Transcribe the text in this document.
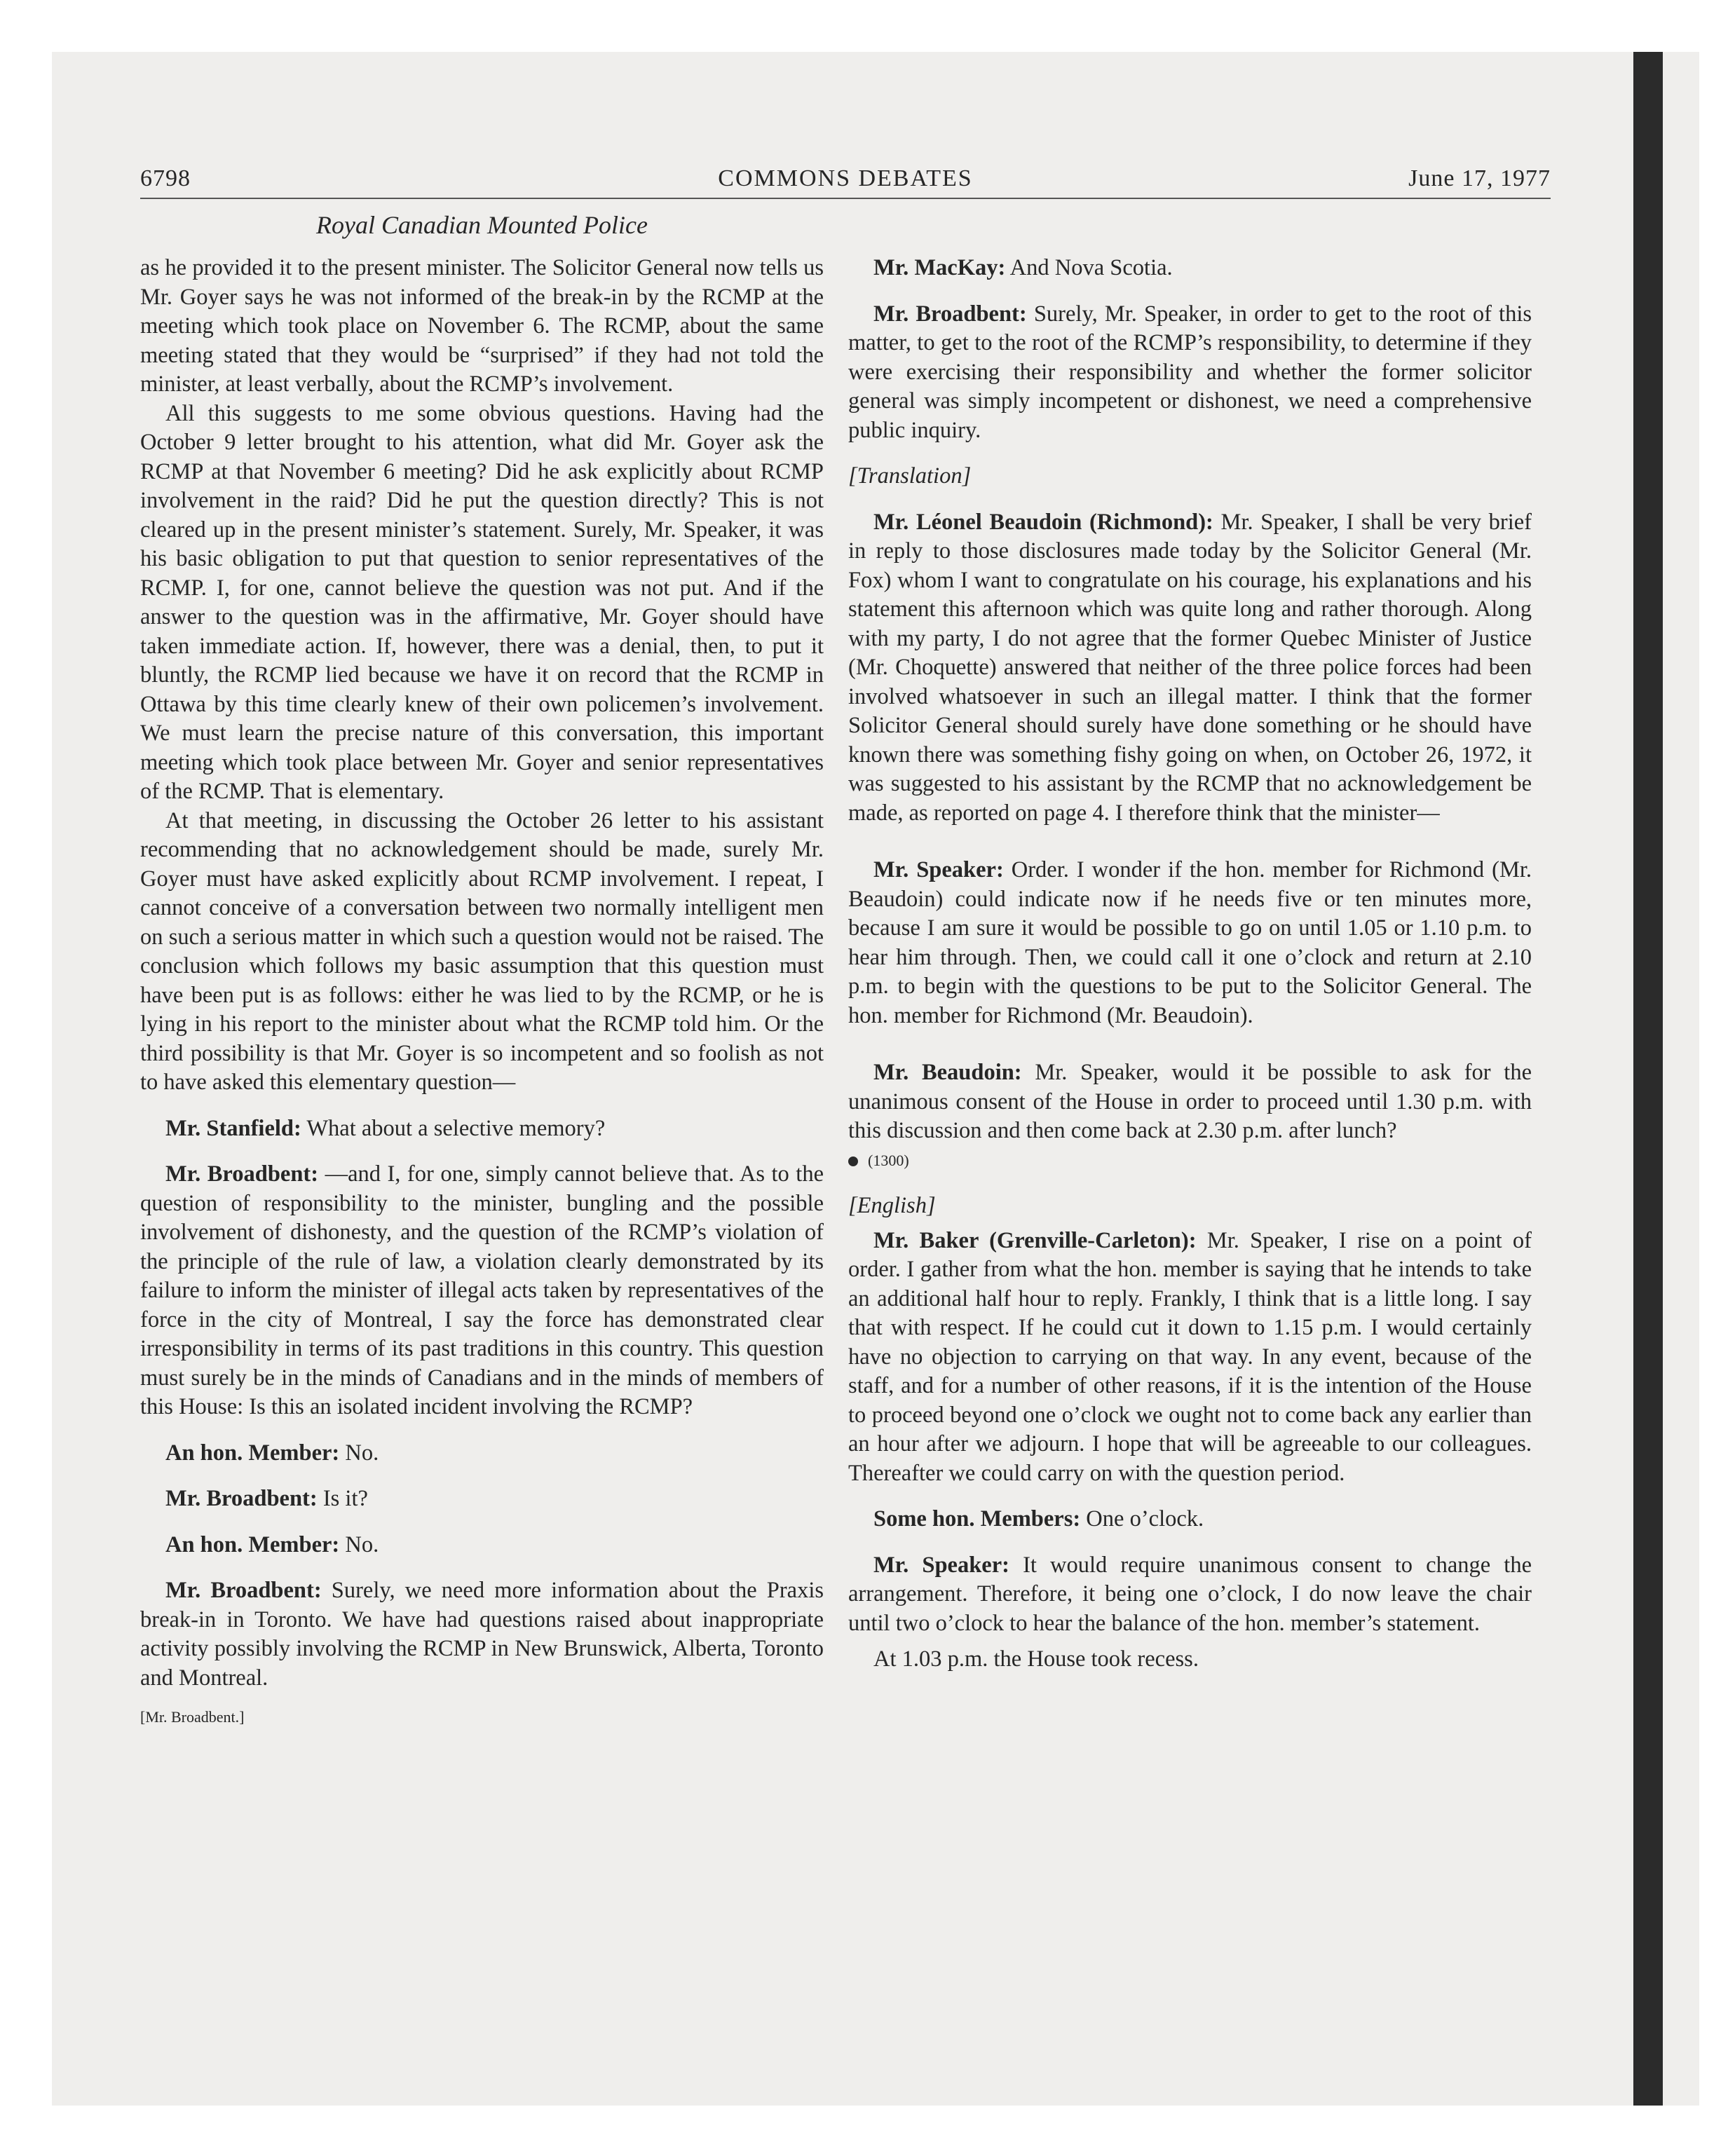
6798	COMMONS DEBATES	June 17, 1977
Royal Canadian Mounted Police

as he provided it to the present minister. The Solicitor General now tells us Mr. Goyer says he was not informed of the break-in by the RCMP at the meeting which took place on November 6. The RCMP, about the same meeting stated that they would be “surprised” if they had not told the minister, at least verbally, about the RCMP’s involvement.

All this suggests to me some obvious questions. Having had the October 9 letter brought to his attention, what did Mr. Goyer ask the RCMP at that November 6 meeting? Did he ask explicitly about RCMP involvement in the raid? Did he put the question directly? This is not cleared up in the present minister’s statement. Surely, Mr. Speaker, it was his basic obligation to put that question to senior representatives of the RCMP. I, for one, cannot believe the question was not put. And if the answer to the question was in the affirmative, Mr. Goyer should have taken immediate action. If, however, there was a denial, then, to put it bluntly, the RCMP lied because we have it on record that the RCMP in Ottawa by this time clearly knew of their own policemen’s involvement. We must learn the precise nature of this conversation, this important meeting which took place between Mr. Goyer and senior representatives of the RCMP. That is elementary.

At that meeting, in discussing the October 26 letter to his assistant recommending that no acknowledgement should be made, surely Mr. Goyer must have asked explicitly about RCMP involvement. I repeat, I cannot conceive of a conversation between two normally intelligent men on such a serious matter in which such a question would not be raised. The conclusion which follows my basic assumption that this question must have been put is as follows: either he was lied to by the RCMP, or he is lying in his report to the minister about what the RCMP told him. Or the third possibility is that Mr. Goyer is so incompetent and so foolish as not to have asked this elementary question—

Mr. Stanfield: What about a selective memory?

Mr. Broadbent: —and I, for one, simply cannot believe that. As to the question of responsibility to the minister, bungling and the possible involvement of dishonesty, and the question of the RCMP’s violation of the principle of the rule of law, a violation clearly demonstrated by its failure to inform the minister of illegal acts taken by representatives of the force in the city of Montreal, I say the force has demonstrated clear irresponsibility in terms of its past traditions in this country. This question must surely be in the minds of Canadians and in the minds of members of this House: Is this an isolated incident involving the RCMP?

An hon. Member: No.

Mr. Broadbent: Is it?

An hon. Member: No.

Mr. Broadbent: Surely, we need more information about the Praxis break-in in Toronto. We have had questions raised about inappropriate activity possibly involving the RCMP in New Brunswick, Alberta, Toronto and Montreal.

[Mr. Broadbent.]

Mr. MacKay: And Nova Scotia.

Mr. Broadbent: Surely, Mr. Speaker, in order to get to the root of this matter, to get to the root of the RCMP’s responsibility, to determine if they were exercising their responsibility and whether the former solicitor general was simply incompetent or dishonest, we need a comprehensive public inquiry.

[Translation]

Mr. Léonel Beaudoin (Richmond): Mr. Speaker, I shall be very brief in reply to those disclosures made today by the Solicitor General (Mr. Fox) whom I want to congratulate on his courage, his explanations and his statement this afternoon which was quite long and rather thorough. Along with my party, I do not agree that the former Quebec Minister of Justice (Mr. Choquette) answered that neither of the three police forces had been involved whatsoever in such an illegal matter. I think that the former Solicitor General should surely have done something or he should have known there was something fishy going on when, on October 26, 1972, it was suggested to his assistant by the RCMP that no acknowledgement be made, as reported on page 4. I therefore think that the minister—

Mr. Speaker: Order. I wonder if the hon. member for Richmond (Mr. Beaudoin) could indicate now if he needs five or ten minutes more, because I am sure it would be possible to go on until 1.05 or 1.10 p.m. to hear him through. Then, we could call it one o’clock and return at 2.10 p.m. to begin with the questions to be put to the Solicitor General. The hon. member for Richmond (Mr. Beaudoin).

Mr. Beaudoin: Mr. Speaker, would it be possible to ask for the unanimous consent of the House in order to proceed until 1.30 p.m. with this discussion and then come back at 2.30 p.m. after lunch?

(1300)

[English]

Mr. Baker (Grenville-Carleton): Mr. Speaker, I rise on a point of order. I gather from what the hon. member is saying that he intends to take an additional half hour to reply. Frankly, I think that is a little long. I say that with respect. If he could cut it down to 1.15 p.m. I would certainly have no objection to carrying on that way. In any event, because of the staff, and for a number of other reasons, if it is the intention of the House to proceed beyond one o’clock we ought not to come back any earlier than an hour after we adjourn. I hope that will be agreeable to our colleagues. Thereafter we could carry on with the question period.

Some hon. Members: One o’clock.

Mr. Speaker: It would require unanimous consent to change the arrangement. Therefore, it being one o’clock, I do now leave the chair until two o’clock to hear the balance of the hon. member’s statement.

At 1.03 p.m. the House took recess.
